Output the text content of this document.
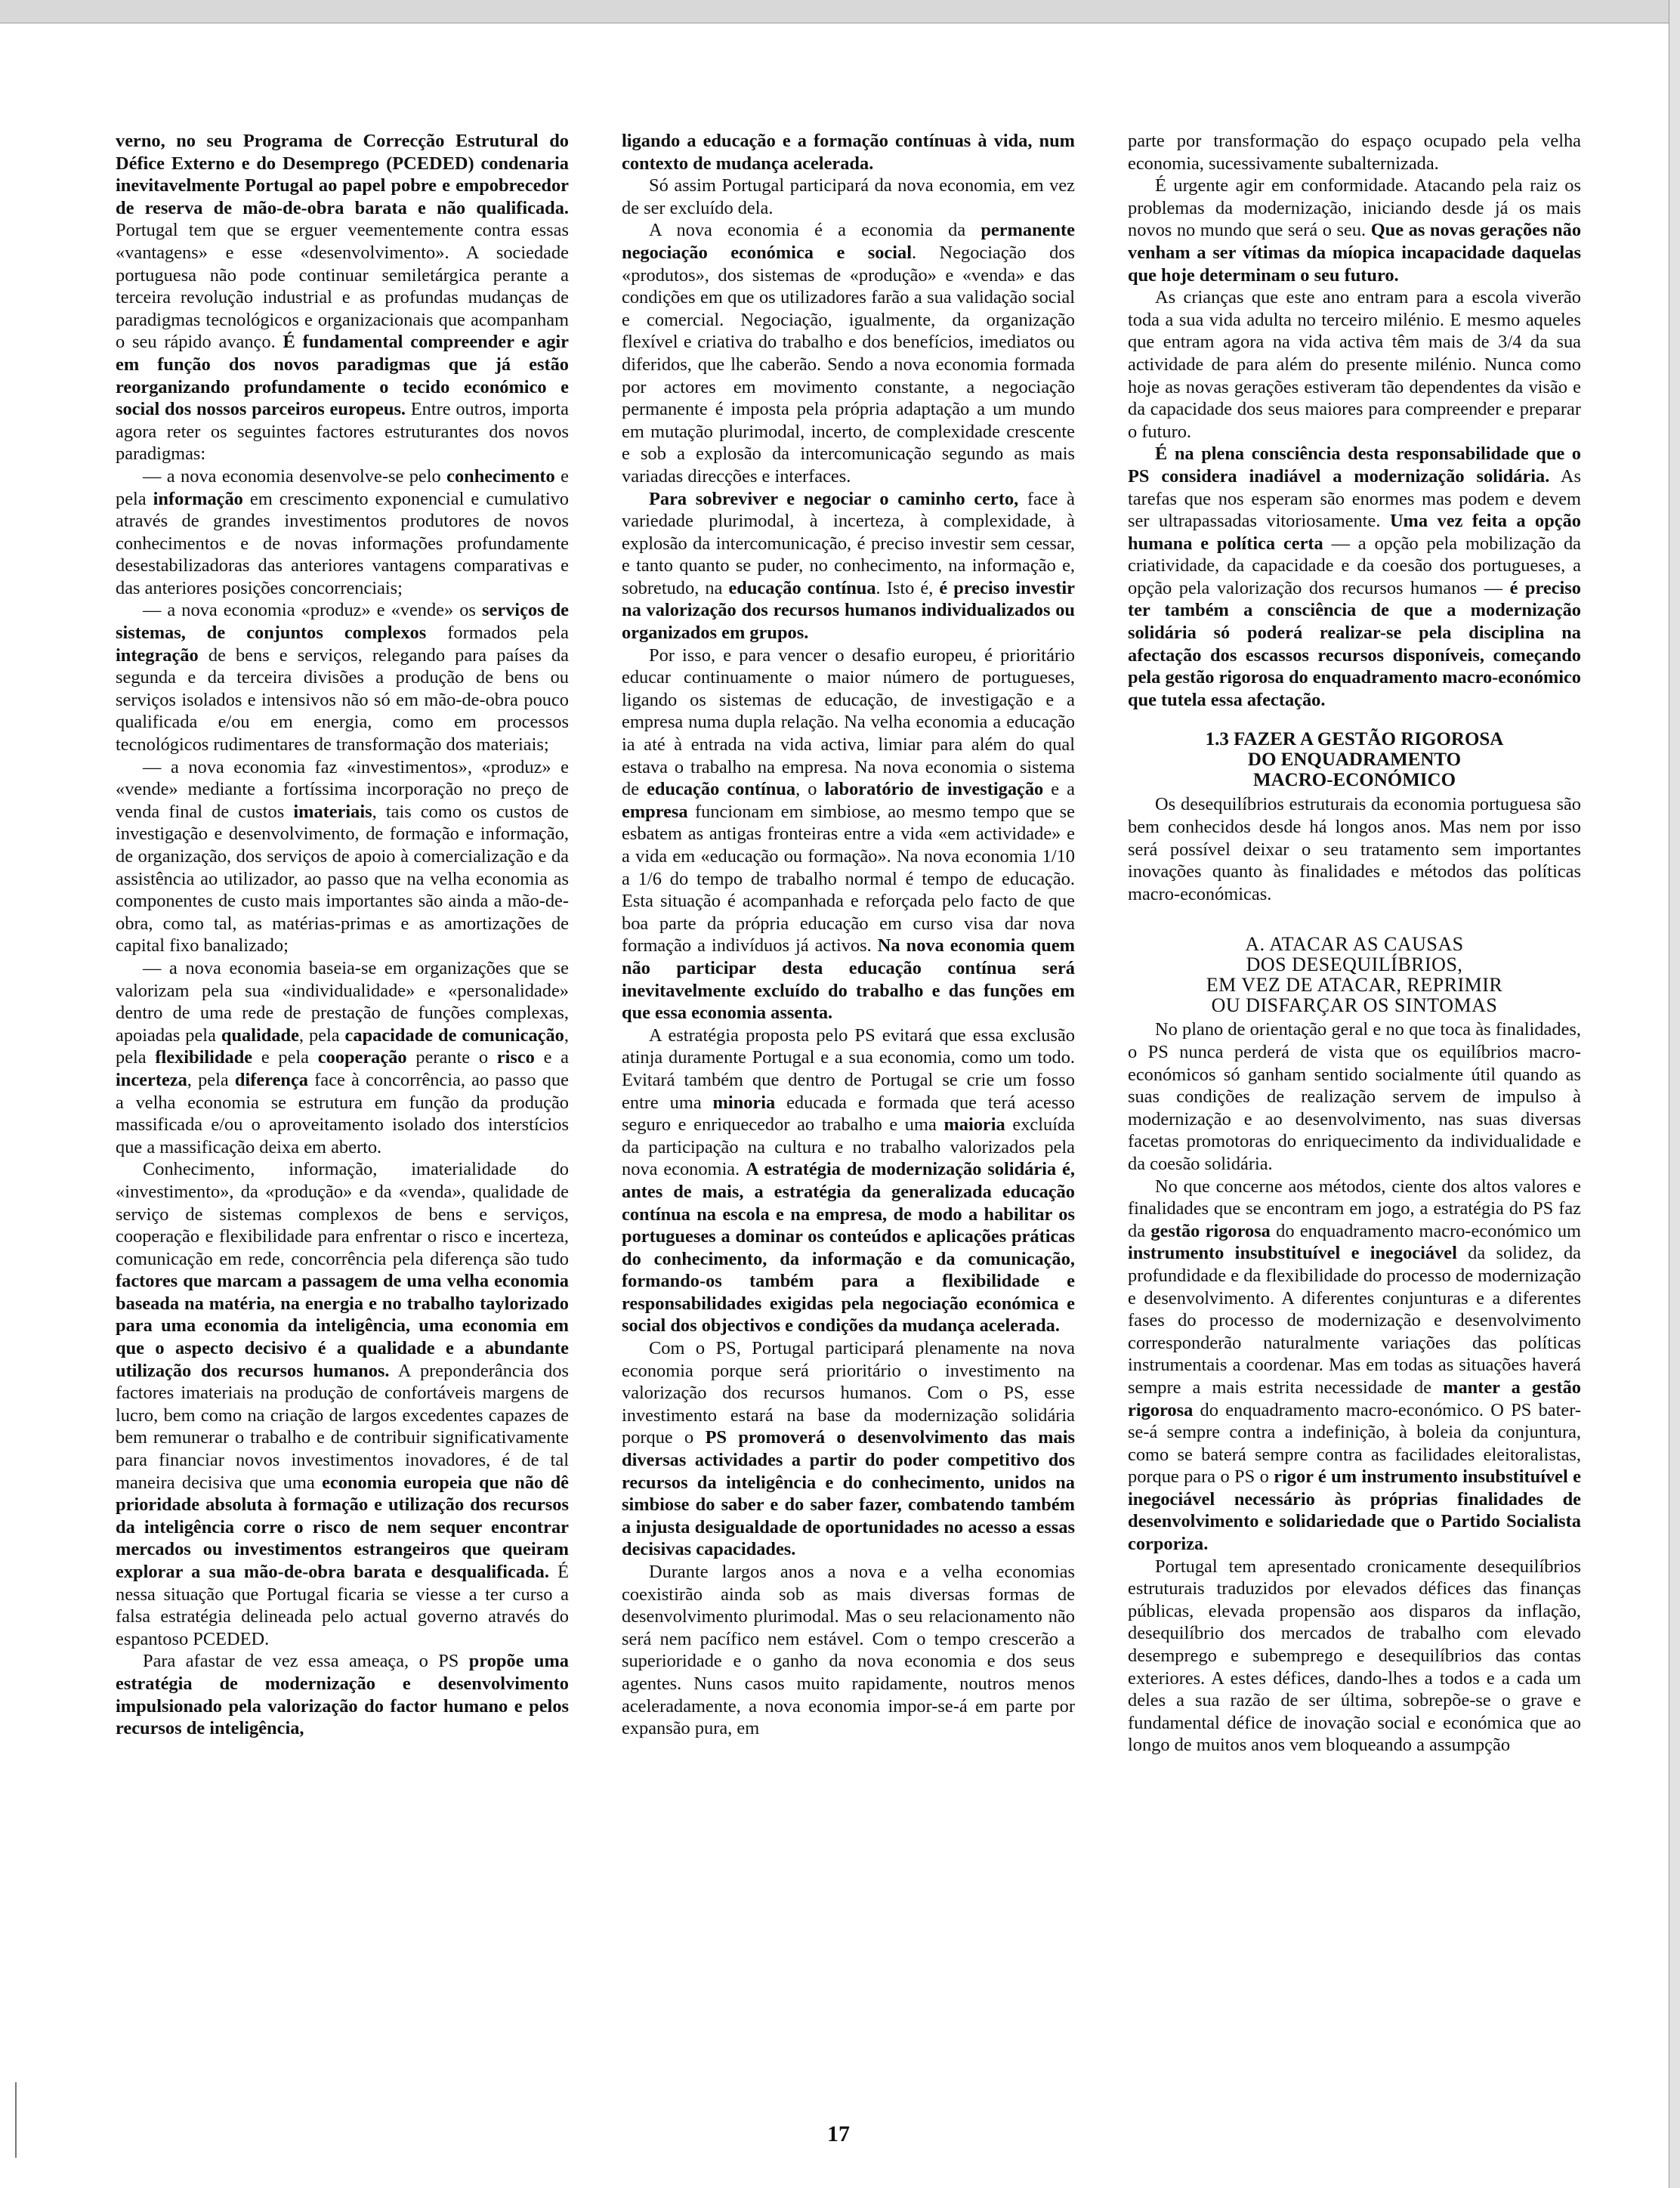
verno, no seu Programa de Correcção Estrutural do Défice Externo e do Desemprego (PCEDED) condenaria inevitavelmente Portugal ao papel pobre e empobrecedor de reserva de mão-de-obra barata e não qualificada. Portugal tem que se erguer veementemente contra essas «vantagens» e esse «desenvolvimento». A sociedade portuguesa não pode continuar semiletárgica perante a terceira revolução industrial e as profundas mudanças de paradigmas tecnológicos e organizacionais que acompanham o seu rápido avanço. É fundamental compreender e agir em função dos novos paradigmas que já estão reorganizando profundamente o tecido económico e social dos nossos parceiros europeus. Entre outros, importa agora reter os seguintes factores estruturantes dos novos paradigmas:

— a nova economia desenvolve-se pelo conhecimento e pela informação em crescimento exponencial e cumulativo através de grandes investimentos produtores de novos conhecimentos e de novas informações profundamente desestabilizadoras das anteriores vantagens comparativas e das anteriores posições concorrenciais;

— a nova economia «produz» e «vende» os serviços de sistemas, de conjuntos complexos formados pela integração de bens e serviços, relegando para países da segunda e da terceira divisões a produção de bens ou serviços isolados e intensivos não só em mão-de-obra pouco qualificada e/ou em energia, como em processos tecnológicos rudimentares de transformação dos materiais;

— a nova economia faz «investimentos», «produz» e «vende» mediante a fortíssima incorporação no preço de venda final de custos imateriais, tais como os custos de investigação e desenvolvimento, de formação e informação, de organização, dos serviços de apoio à comercialização e da assistência ao utilizador, ao passo que na velha economia as componentes de custo mais importantes são ainda a mão-de-obra, como tal, as matérias-primas e as amortizações de capital fixo banalizado;

— a nova economia baseia-se em organizações que se valorizam pela sua «individualidade» e «personalidade» dentro de uma rede de prestação de funções complexas, apoiadas pela qualidade, pela capacidade de comunicação, pela flexibilidade e pela cooperação perante o risco e a incerteza, pela diferença face à concorrência, ao passo que a velha economia se estrutura em função da produção massificada e/ou o aproveitamento isolado dos interstícios que a massificação deixa em aberto.

Conhecimento, informação, imaterialidade do «investimento», da «produção» e da «venda», qualidade de serviço de sistemas complexos de bens e serviços, cooperação e flexibilidade para enfrentar o risco e incerteza, comunicação em rede, concorrência pela diferença são tudo factores que marcam a passagem de uma velha economia baseada na matéria, na energia e no trabalho taylorizado para uma economia da inteligência, uma economia em que o aspecto decisivo é a qualidade e a abundante utilização dos recursos humanos. A preponderância dos factores imateriais na produção de confortáveis margens de lucro, bem como na criação de largos excedentes capazes de bem remunerar o trabalho e de contribuir significativamente para financiar novos investimentos inovadores, é de tal maneira decisiva que uma economia europeia que não dê prioridade absoluta à formação e utilização dos recursos da inteligência corre o risco de nem sequer encontrar mercados ou investimentos estrangeiros que queiram explorar a sua mão-de-obra barata e desqualificada. É nessa situação que Portugal ficaria se viesse a ter curso a falsa estratégia delineada pelo actual governo através do espantoso PCEDED.

Para afastar de vez essa ameaça, o PS propõe uma estratégia de modernização e desenvolvimento impulsionado pela valorização do factor humano e pelos recursos de inteligência,

ligando a educação e a formação contínuas à vida, num contexto de mudança acelerada.

Só assim Portugal participará da nova economia, em vez de ser excluído dela.

A nova economia é a economia da permanente negociação económica e social. Negociação dos «produtos», dos sistemas de «produção» e «venda» e das condições em que os utilizadores farão a sua validação social e comercial. Negociação, igualmente, da organização flexível e criativa do trabalho e dos benefícios, imediatos ou diferidos, que lhe caberão. Sendo a nova economia formada por actores em movimento constante, a negociação permanente é imposta pela própria adaptação a um mundo em mutação plurimodal, incerto, de complexidade crescente e sob a explosão da intercomunicação segundo as mais variadas direcções e interfaces.

Para sobreviver e negociar o caminho certo, face à variedade plurimodal, à incerteza, à complexidade, à explosão da intercomunicação, é preciso investir sem cessar, e tanto quanto se puder, no conhecimento, na informação e, sobretudo, na educação contínua. Isto é, é preciso investir na valorização dos recursos humanos individualizados ou organizados em grupos.

Por isso, e para vencer o desafio europeu, é prioritário educar continuamente o maior número de portugueses, ligando os sistemas de educação, de investigação e a empresa numa dupla relação. Na velha economia a educação ia até à entrada na vida activa, limiar para além do qual estava o trabalho na empresa. Na nova economia o sistema de educação contínua, o laboratório de investigação e a empresa funcionam em simbiose, ao mesmo tempo que se esbatem as antigas fronteiras entre a vida «em actividade» e a vida em «educação ou formação». Na nova economia 1/10 a 1/6 do tempo de trabalho normal é tempo de educação. Esta situação é acompanhada e reforçada pelo facto de que boa parte da própria educação em curso visa dar nova formação a indivíduos já activos. Na nova economia quem não participar desta educação contínua será inevitavelmente excluído do trabalho e das funções em que essa economia assenta.

A estratégia proposta pelo PS evitará que essa exclusão atinja duramente Portugal e a sua economia, como um todo. Evitará também que dentro de Portugal se crie um fosso entre uma minoria educada e formada que terá acesso seguro e enriquecedor ao trabalho e uma maioria excluída da participação na cultura e no trabalho valorizados pela nova economia. A estratégia de modernização solidária é, antes de mais, a estratégia da generalizada educação contínua na escola e na empresa, de modo a habilitar os portugueses a dominar os conteúdos e aplicações práticas do conhecimento, da informação e da comunicação, formando-os também para a flexibilidade e responsabilidades exigidas pela negociação económica e social dos objectivos e condições da mudança acelerada.

Com o PS, Portugal participará plenamente na nova economia porque será prioritário o investimento na valorização dos recursos humanos. Com o PS, esse investimento estará na base da modernização solidária porque o PS promoverá o desenvolvimento das mais diversas actividades a partir do poder competitivo dos recursos da inteligência e do conhecimento, unidos na simbiose do saber e do saber fazer, combatendo também a injusta desigualdade de oportunidades no acesso a essas decisivas capacidades.

Durante largos anos a nova e a velha economias coexistirão ainda sob as mais diversas formas de desenvolvimento plurimodal. Mas o seu relacionamento não será nem pacífico nem estável. Com o tempo crescerão a superioridade e o ganho da nova economia e dos seus agentes. Nuns casos muito rapidamente, noutros menos aceleradamente, a nova economia impor-se-á em parte por expansão pura, em

parte por transformação do espaço ocupado pela velha economia, sucessivamente subalternizada.

É urgente agir em conformidade. Atacando pela raiz os problemas da modernização, iniciando desde já os mais novos no mundo que será o seu. Que as novas gerações não venham a ser vítimas da míopica incapacidade daquelas que hoje determinam o seu futuro.

As crianças que este ano entram para a escola viverão toda a sua vida adulta no terceiro milénio. E mesmo aqueles que entram agora na vida activa têm mais de 3/4 da sua actividade de para além do presente milénio. Nunca como hoje as novas gerações estiveram tão dependentes da visão e da capacidade dos seus maiores para compreender e preparar o futuro.

É na plena consciência desta responsabilidade que o PS considera inadiável a modernização solidária. As tarefas que nos esperam são enormes mas podem e devem ser ultrapassadas vitoriosamente. Uma vez feita a opção humana e política certa — a opção pela mobilização da criatividade, da capacidade e da coesão dos portugueses, a opção pela valorização dos recursos humanos — é preciso ter também a consciência de que a modernização solidária só poderá realizar-se pela disciplina na afectação dos escassos recursos disponíveis, começando pela gestão rigorosa do enquadramento macro-económico que tutela essa afectação.

1.3 FAZER A GESTÃO RIGOROSA
DO ENQUADRAMENTO
MACRO-ECONÓMICO

Os desequilíbrios estruturais da economia portuguesa são bem conhecidos desde há longos anos. Mas nem por isso será possível deixar o seu tratamento sem importantes inovações quanto às finalidades e métodos das políticas macro-económicas.

A. ATACAR AS CAUSAS
DOS DESEQUILÍBRIOS,
EM VEZ DE ATACAR, REPRIMIR
OU DISFARÇAR OS SINTOMAS

No plano de orientação geral e no que toca às finalidades, o PS nunca perderá de vista que os equilíbrios macro-económicos só ganham sentido socialmente útil quando as suas condições de realização servem de impulso à modernização e ao desenvolvimento, nas suas diversas facetas promotoras do enriquecimento da individualidade e da coesão solidária.

No que concerne aos métodos, ciente dos altos valores e finalidades que se encontram em jogo, a estratégia do PS faz da gestão rigorosa do enquadramento macro-económico um instrumento insubstituível e inegociável da solidez, da profundidade e da flexibilidade do processo de modernização e desenvolvimento. A diferentes conjunturas e a diferentes fases do processo de modernização e desenvolvimento corresponderão naturalmente variações das políticas instrumentais a coordenar. Mas em todas as situações haverá sempre a mais estrita necessidade de manter a gestão rigorosa do enquadramento macro-económico. O PS bater-se-á sempre contra a indefinição, à boleia da conjuntura, como se baterá sempre contra as facilidades eleitoralistas, porque para o PS o rigor é um instrumento insubstituível e inegociável necessário às próprias finalidades de desenvolvimento e solidariedade que o Partido Socialista corporiza.

Portugal tem apresentado cronicamente desequilíbrios estruturais traduzidos por elevados défices das finanças públicas, elevada propensão aos disparos da inflação, desequilíbrio dos mercados de trabalho com elevado desemprego e subemprego e desequilíbrios das contas exteriores. A estes défices, dando-lhes a todos e a cada um deles a sua razão de ser última, sobrepõe-se o grave e fundamental défice de inovação social e económica que ao longo de muitos anos vem bloqueando a assumpção

17
